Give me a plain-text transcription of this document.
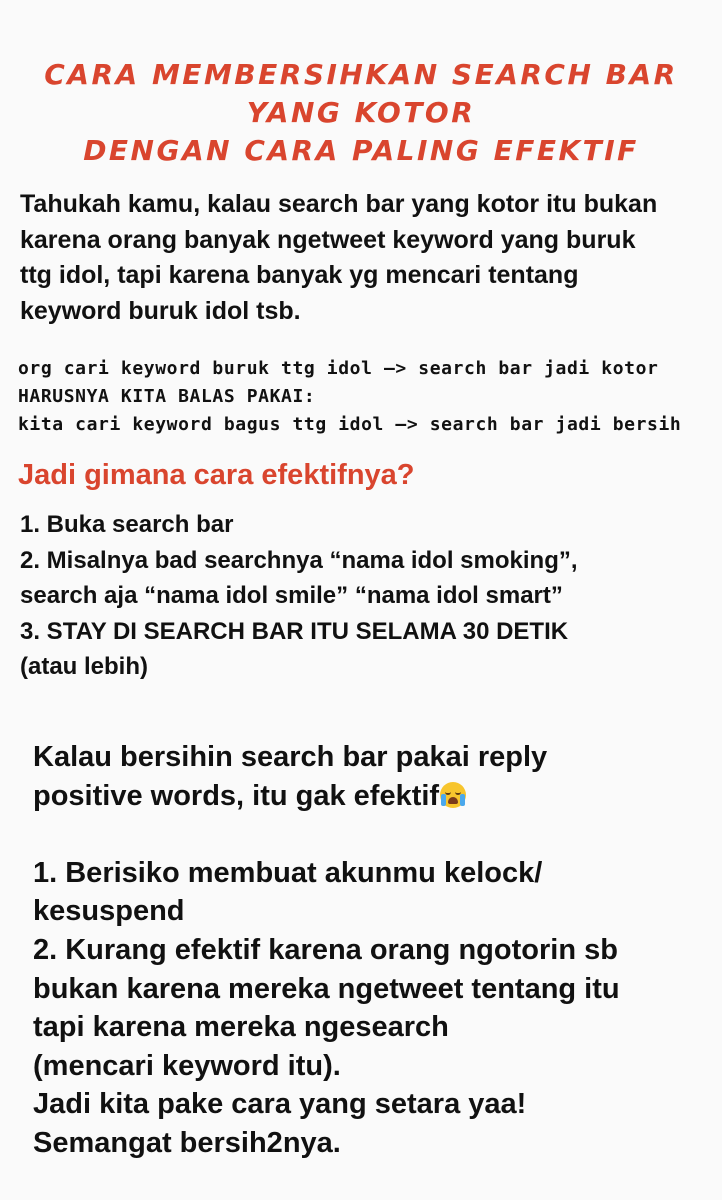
CARA MEMBERSIHKAN SEARCH BAR
YANG KOTOR
DENGAN CARA PALING EFEKTIF
Tahukah kamu, kalau search bar yang kotor itu bukan
karena orang banyak ngetweet keyword yang buruk
ttg idol, tapi karena banyak yg mencari tentang
keyword buruk idol tsb.
org cari keyword buruk ttg idol —> search bar jadi kotor
HARUSNYA KITA BALAS PAKAI:
kita cari keyword bagus ttg idol —> search bar jadi bersih
Jadi gimana cara efektifnya?
1. Buka search bar
2. Misalnya bad searchnya “nama idol smoking”,
search aja “nama idol smile” “nama idol smart”
3. STAY DI SEARCH BAR ITU SELAMA 30 DETIK
(atau lebih)
Kalau bersihin search bar pakai reply
positive words, itu gak efektif
1. Berisiko membuat akunmu kelock/
kesuspend
2. Kurang efektif karena orang ngotorin sb
bukan karena mereka ngetweet tentang itu
tapi karena mereka ngesearch
(mencari keyword itu).
Jadi kita pake cara yang setara yaa!
Semangat bersih2nya.
